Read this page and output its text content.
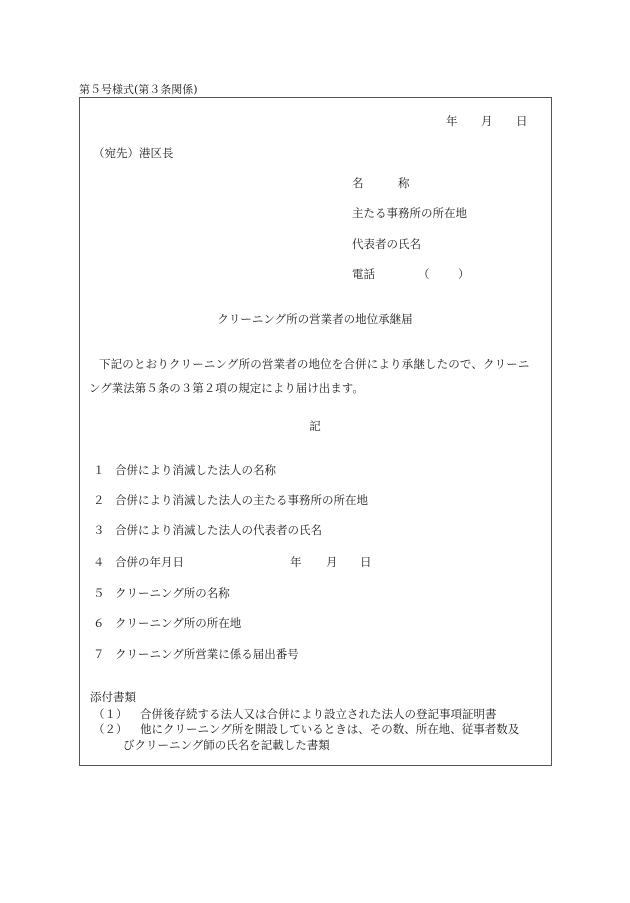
第５号様式(第３条関係)
年 月 日
（宛先）港区長
名	称
主たる事務所の所在地
代表者の氏名
電話	（ ）
クリーニング所の営業者の地位承継届
下記のとおりクリーニング所の営業者の地位を合併により承継したので、クリーニ
ング業法第５条の３第２項の規定により届け出ます。
記
１ 合併により消滅した法人の名称
２ 合併により消滅した法人の主たる事務所の所在地
３ 合併により消滅した法人の代表者の氏名
４ 合併の年月日	年 月 日
５ クリーニング所の名称
６ クリーニング所の所在地
７ クリーニング所営業に係る届出番号
添付書類
（１） 合併後存続する法人又は合併により設立された法人の登記事項証明書
（２） 他にクリーニング所を開設しているときは、その数、所在地、従事者数及
びクリーニング師の氏名を記載した書類
